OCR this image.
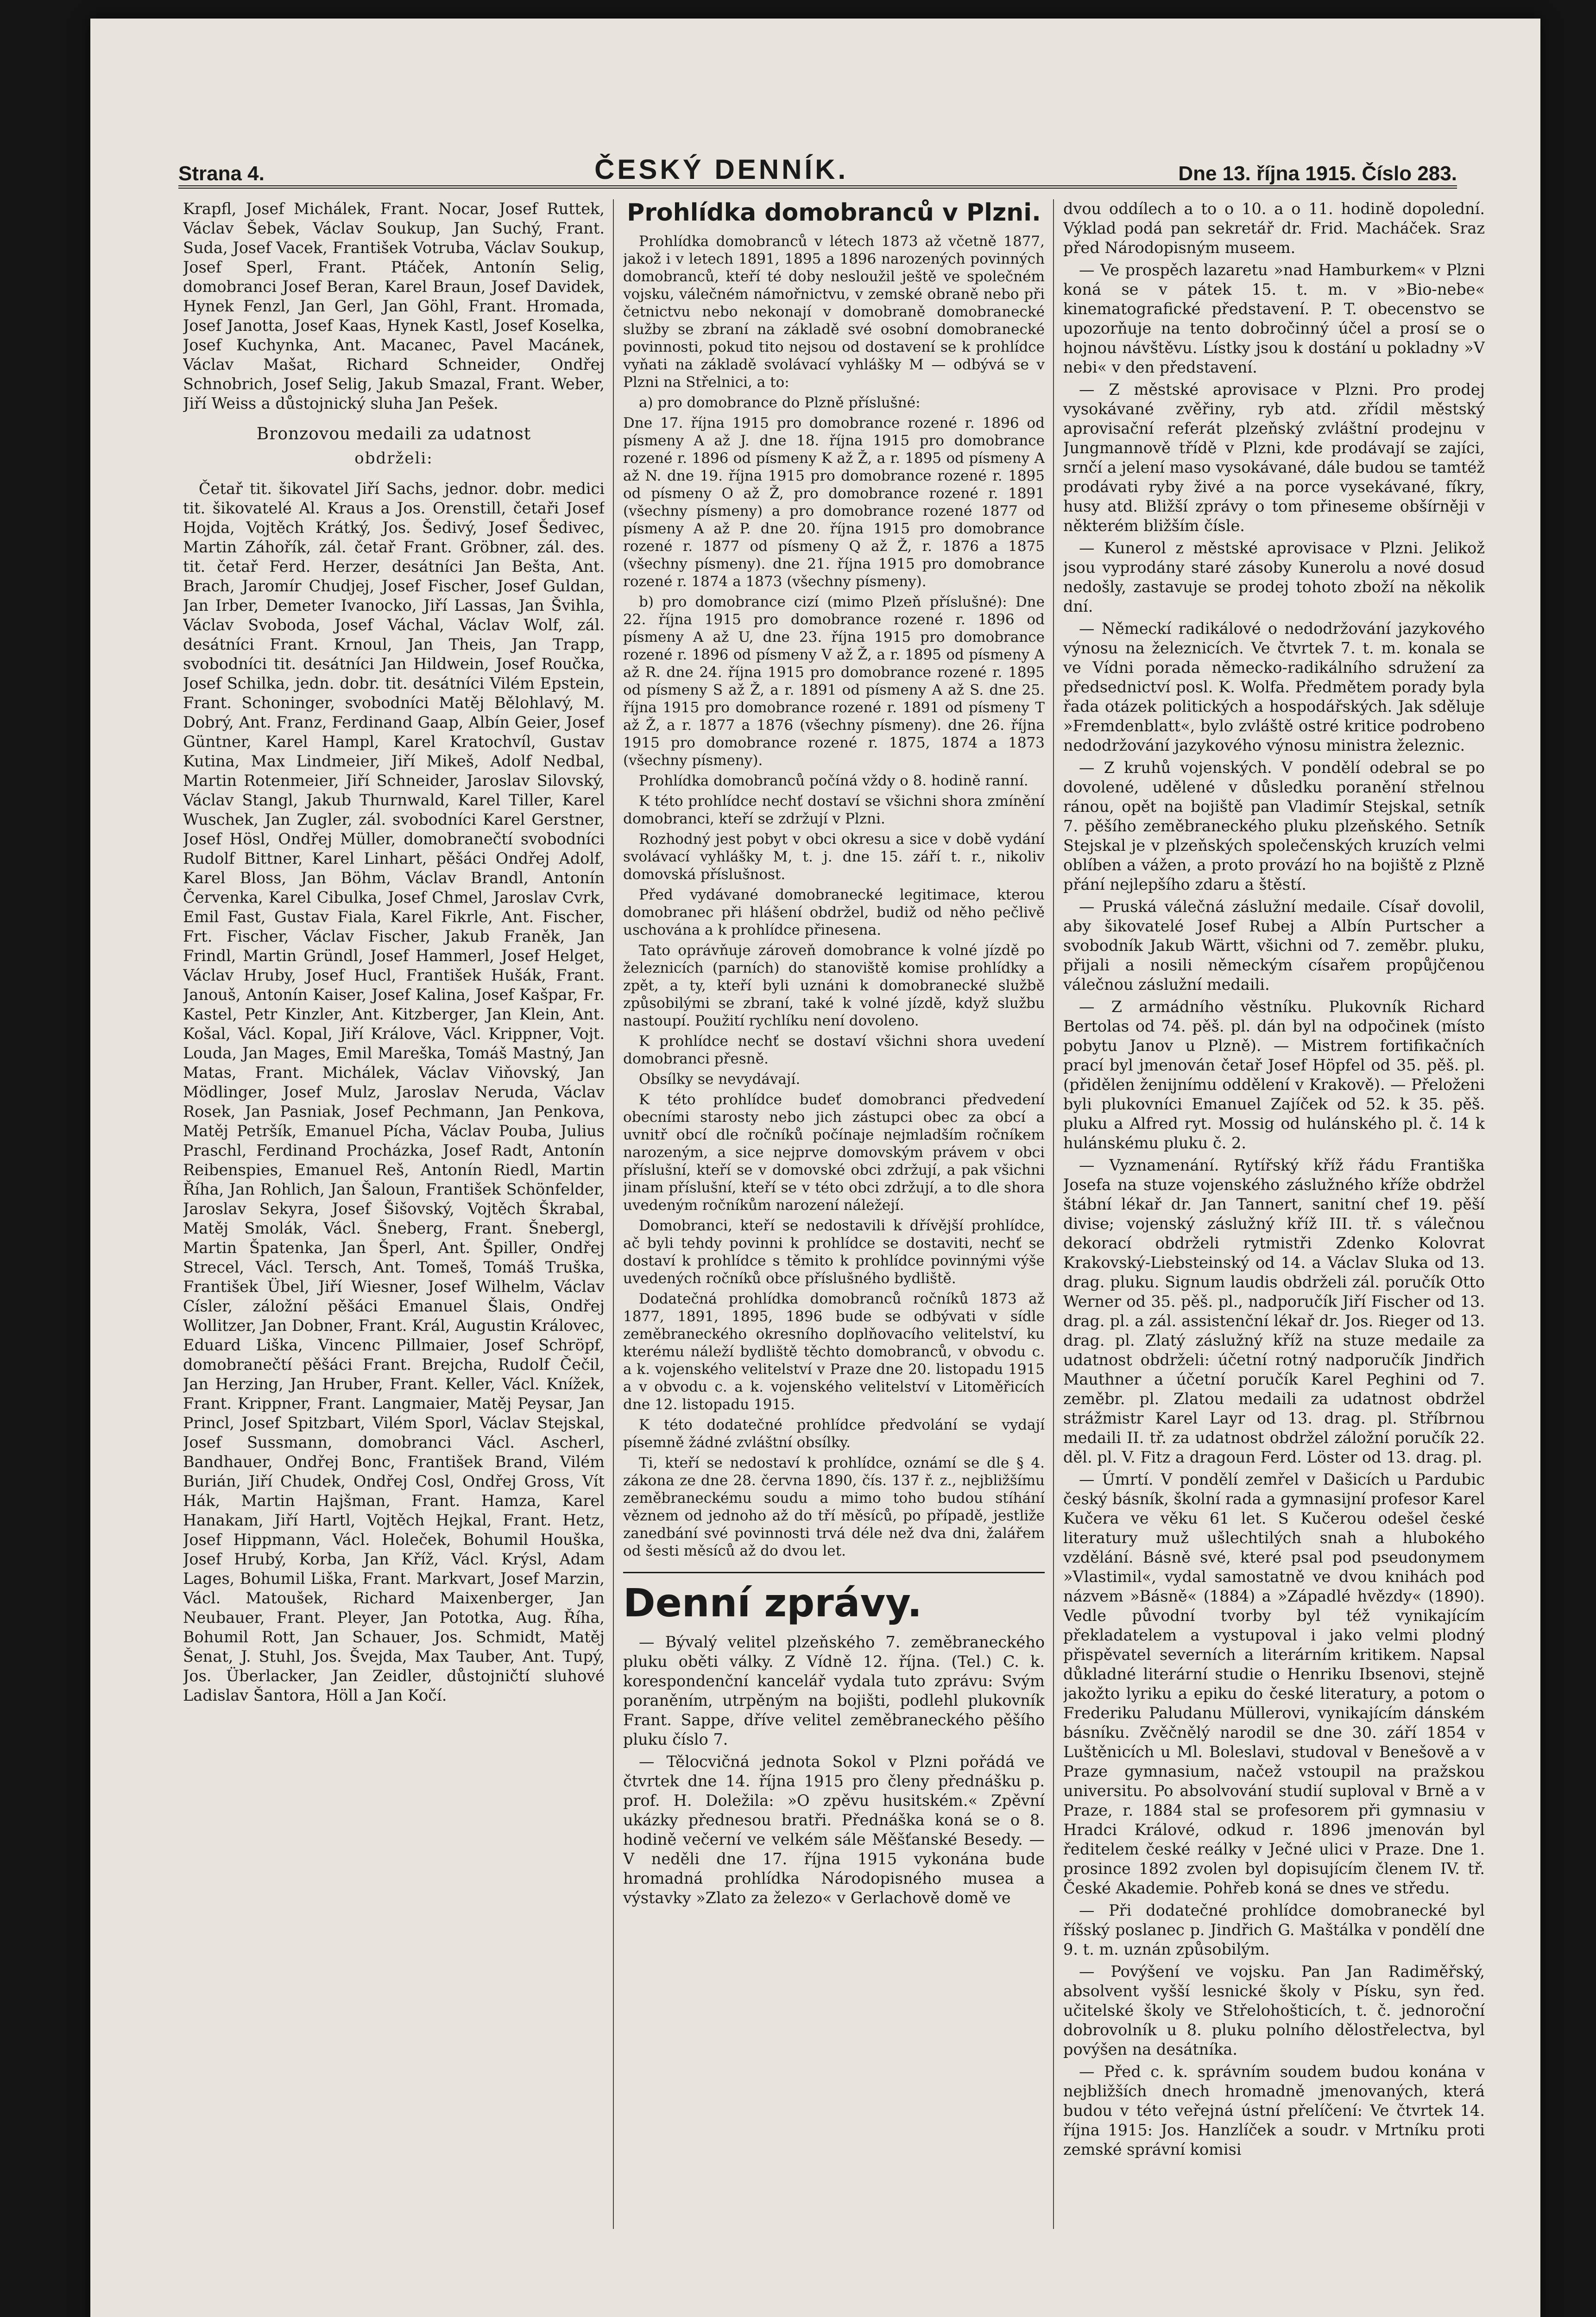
Strana 4.	ČESKÝ DENNÍK.	Dne 13. října 1915. Číslo 283.

Krapfl, Josef Michálek, Frant. Nocar, Josef Ruttek, Václav Šebek, Václav Soukup, Jan Suchý, Frant. Suda, Josef Vacek, František Votruba, Václav Soukup, Josef Sperl, Frant. Ptáček, Antonín Selig, domobranci Josef Beran, Karel Braun, Josef Davidek, Hynek Fenzl, Jan Gerl, Jan Göhl, Frant. Hromada, Josef Janotta, Josef Kaas, Hynek Kastl, Josef Koselka, Josef Kuchynka, Ant. Macanec, Pavel Macánek, Václav Mašat, Richard Schneider, Ondřej Schnobrich, Josef Selig, Jakub Smazal, Frant. Weber, Jiří Weiss a důstojnický sluha Jan Pešek.

Bronzovou medaili za udatnost
obdrželi:

Četař tit. šikovatel Jiří Sachs, jednor. dobr. medici tit. šikovatelé Al. Kraus a Jos. Orenstill, četaři Josef Hojda, Vojtěch Krátký, Jos. Šedivý, Josef Šedivec, Martin Záhořík, zál. četař Frant. Gröbner, zál. des. tit. četař Ferd. Herzer, desátníci Jan Bešta, Ant. Brach, Jaromír Chudjej, Josef Fischer, Josef Guldan, Jan Irber, Demeter Ivanocko, Jiří Lassas, Jan Švihla, Václav Svoboda, Josef Váchal, Václav Wolf, zál. desátníci Frant. Krnoul, Jan Theis, Jan Trapp, svobodníci tit. desátníci Jan Hildwein, Josef Roučka, Josef Schilka, jedn. dobr. tit. desátníci Vilém Epstein, Frant. Schoninger, svobodníci Matěj Bělohlavý, M. Dobrý, Ant. Franz, Ferdinand Gaap, Albín Geier, Josef Güntner, Karel Hampl, Karel Kratochvíl, Gustav Kutina, Max Lindmeier, Jiří Mikeš, Adolf Nedbal, Martin Rotenmeier, Jiří Schneider, Jaroslav Silovský, Václav Stangl, Jakub Thurnwald, Karel Tiller, Karel Wuschek, Jan Zugler, zál. svobodníci Karel Gerstner, Josef Hösl, Ondřej Müller, domobranečtí svobodníci Rudolf Bittner, Karel Linhart, pěšáci Ondřej Adolf, Karel Bloss, Jan Böhm, Václav Brandl, Antonín Červenka, Karel Cibulka, Josef Chmel, Jaroslav Cvrk, Emil Fast, Gustav Fiala, Karel Fikrle, Ant. Fischer, Frt. Fischer, Václav Fischer, Jakub Franěk, Jan Frindl, Martin Gründl, Josef Hammerl, Josef Helget, Václav Hruby, Josef Hucl, František Hušák, Frant. Janouš, Antonín Kaiser, Josef Kalina, Josef Kašpar, Fr. Kastel, Petr Kinzler, Ant. Kitzberger, Jan Klein, Ant. Košal, Václ. Kopal, Jiří Králove, Václ. Krippner, Vojt. Louda, Jan Mages, Emil Mareška, Tomáš Mastný, Jan Matas, Frant. Michálek, Václav Viňovský, Jan Mödlinger, Josef Mulz, Jaroslav Neruda, Václav Rosek, Jan Pasniak, Josef Pechmann, Jan Penkova, Matěj Petršík, Emanuel Pícha, Václav Pouba, Julius Praschl, Ferdinand Procházka, Josef Radt, Antonín Reibenspies, Emanuel Reš, Antonín Riedl, Martin Říha, Jan Rohlich, Jan Šaloun, František Schönfelder, Jaroslav Sekyra, Josef Šišovský, Vojtěch Škrabal, Matěj Smolák, Václ. Šneberg, Frant. Šnebergl, Martin Špatenka, Jan Šperl, Ant. Špiller, Ondřej Strecel, Václ. Tersch, Ant. Tomeš, Tomáš Truška, František Übel, Jiří Wiesner, Josef Wilhelm, Václav Císler, záložní pěšáci Emanuel Šlais, Ondřej Wollitzer, Jan Dobner, Frant. Král, Augustin Královec, Eduard Liška, Vincenc Pillmaier, Josef Schröpf, domobranečtí pěšáci Frant. Brejcha, Rudolf Čečil, Jan Herzing, Jan Hruber, Frant. Keller, Václ. Knížek, Frant. Krippner, Frant. Langmaier, Matěj Peysar, Jan Princl, Josef Spitzbart, Vilém Sporl, Václav Stejskal, Josef Sussmann, domobranci Václ. Ascherl, Bandhauer, Ondřej Bonc, František Brand, Vilém Burián, Jiří Chudek, Ondřej Cosl, Ondřej Gross, Vít Hák, Martin Hajšman, Frant. Hamza, Karel Hanakam, Jiří Hartl, Vojtěch Hejkal, Frant. Hetz, Josef Hippmann, Václ. Holeček, Bohumil Houška, Josef Hrubý, Korba, Jan Kříž, Václ. Krýsl, Adam Lages, Bohumil Liška, Frant. Markvart, Josef Marzin, Václ. Matoušek, Richard Maixenberger, Jan Neubauer, Frant. Pleyer, Jan Pototka, Aug. Říha, Bohumil Rott, Jan Schauer, Jos. Schmidt, Matěj Šenat, J. Stuhl, Jos. Švejda, Max Tauber, Ant. Tupý, Jos. Überlacker, Jan Zeidler, důstojničtí sluhové Ladislav Šantora, Höll a Jan Kočí.

Prohlídka domobranců v Plzni.

Prohlídka domobranců v létech 1873 až včetně 1877, jakož i v letech 1891, 1895 a 1896 narozených povinných domobranců, kteří té doby nesloužil ještě ve společném vojsku, válečném námořnictvu, v zemské obraně nebo při četnictvu nebo nekonají v domobraně domobranecké služby se zbraní na základě své osobní domobranecké povinnosti, pokud tito nejsou od dostavení se k prohlídce vyňati na základě svolávací vyhlášky M — odbývá se v Plzni na Střelnici, a to:

a) pro domobrance do Plzně příslušné:

Dne 17. října 1915 pro domobrance rozené r. 1896 od písmeny A až J. dne 18. října 1915 pro domobrance rozené r. 1896 od písmeny K až Ž, a r. 1895 od písmeny A až N. dne 19. října 1915 pro domobrance rozené r. 1895 od písmeny O až Ž, pro domobrance rozené r. 1891 (všechny písmeny) a pro domobrance rozené 1877 od písmeny A až P. dne 20. října 1915 pro domobrance rozené r. 1877 od písmeny Q až Ž, r. 1876 a 1875 (všechny písmeny). dne 21. října 1915 pro domobrance rozené r. 1874 a 1873 (všechny písmeny).

b) pro domobrance cizí (mimo Plzeň příslušné): Dne 22. října 1915 pro domobrance rozené r. 1896 od písmeny A až U, dne 23. října 1915 pro domobrance rozené r. 1896 od písmeny V až Ž, a r. 1895 od písmeny A až R. dne 24. října 1915 pro domobrance rozené r. 1895 od písmeny S až Ž, a r. 1891 od písmeny A až S. dne 25. října 1915 pro domobrance rozené r. 1891 od písmeny T až Ž, a r. 1877 a 1876 (všechny písmeny). dne 26. října 1915 pro domobrance rozené r. 1875, 1874 a 1873 (všechny písmeny).

Prohlídka domobranců počíná vždy o 8. hodině ranní.

K této prohlídce nechť dostaví se všichni shora zmínění domobranci, kteří se zdržují v Plzni.

Rozhodný jest pobyt v obci okresu a sice v době vydání svolávací vyhlášky M, t. j. dne 15. září t. r., nikoliv domovská příslušnost.

Před vydávané domobranecké legitimace, kterou domobranec při hlášení obdržel, budiž od něho pečlivě uschována a k prohlídce přinesena.

Tato oprávňuje zároveň domobrance k volné jízdě po železnicích (parních) do stanoviště komise prohlídky a zpět, a ty, kteří byli uznáni k domobranecké službě způsobilými se zbraní, také k volné jízdě, když službu nastoupí. Použití rychlíku není dovoleno.

K prohlídce nechť se dostaví všichni shora uvedení domobranci přesně.

Obsílky se nevydávají.

K této prohlídce budeť domobranci předvedení obecními starosty nebo jich zástupci obec za obcí a uvnitř obcí dle ročníků počínaje nejmladším ročníkem narozeným, a sice nejprve domovským právem v obci příslušní, kteří se v domovské obci zdržují, a pak všichni jinam příslušní, kteří se v této obci zdržují, a to dle shora uvedeným ročníkům narození náležejí.

Domobranci, kteří se nedostavili k dřívější prohlídce, ač byli tehdy povinni k prohlídce se dostaviti, nechť se dostaví k prohlídce s těmito k prohlídce povinnými výše uvedených ročníků obce příslušného bydliště.

Dodatečná prohlídka domobranců ročníků 1873 až 1877, 1891, 1895, 1896 bude se odbývati v sídle zeměbraneckého okresního doplňovacího velitelství, ku kterému náleží bydliště těchto domobranců, v obvodu c. a k. vojenského velitelství v Praze dne 20. listopadu 1915 a v obvodu c. a k. vojenského velitelství v Litoměřicích dne 12. listopadu 1915.

K této dodatečné prohlídce předvolání se vydají písemně žádné zvláštní obsílky.

Ti, kteří se nedostaví k prohlídce, oznámí se dle § 4. zákona ze dne 28. června 1890, čís. 137 ř. z., nejbližšímu zeměbraneckému soudu a mimo toho budou stíhání věznem od jednoho až do tří měsíců, po případě, jestliže zanedbání své povinnosti trvá déle než dva dni, žalářem od šesti měsíců až do dvou let.

Denní zprávy.

— Bývalý velitel plzeňského 7. zeměbraneckého pluku oběti války. Z Vídně 12. října. (Tel.) C. k. korespondenční kancelář vydala tuto zprávu: Svým poraněním, utrpěným na bojišti, podlehl plukovník Frant. Sappe, dříve velitel zeměbraneckého pěšího pluku číslo 7.

— Tělocvičná jednota Sokol v Plzni pořádá ve čtvrtek dne 14. října 1915 pro členy přednášku p. prof. H. Doležila: »O zpěvu husitském.« Zpěvní ukázky přednesou bratři. Přednáška koná se o 8. hodině večerní ve velkém sále Měšťanské Besedy. — V neděli dne 17. října 1915 vykonána bude hromadná prohlídka Národopisného musea a výstavky »Zlato za železo« v Gerlachově domě ve

dvou oddílech a to o 10. a o 11. hodině dopolední. Výklad podá pan sekretář dr. Frid. Macháček. Sraz před Národopisným museem.

— Ve prospěch lazaretu »nad Hamburkem« v Plzni koná se v pátek 15. t. m. v »Bio-nebe« kinematografické představení. P. T. obecenstvo se upozorňuje na tento dobročinný účel a prosí se o hojnou návštěvu. Lístky jsou k dostání u pokladny »V nebi« v den představení.

— Z městské aprovisace v Plzni. Pro prodej vysokávané zvěřiny, ryb atd. zřídil městský aprovisační referát plzeňský zvláštní prodejnu v Jungmannově třídě v Plzni, kde prodávají se zajíci, srnčí a jelení maso vysokávané, dále budou se tamtéž prodávati ryby živé a na porce vysekávané, fíkry, husy atd. Bližší zprávy o tom přineseme obšírněji v některém bližším čísle.

— Kunerol z městské aprovisace v Plzni. Jelikož jsou vyprodány staré zásoby Kunerolu a nové dosud nedošly, zastavuje se prodej tohoto zboží na několik dní.

— Německí radikálové o nedodržování jazykového výnosu na železnicích. Ve čtvrtek 7. t. m. konala se ve Vídni porada německo-radikálního sdružení za předsednictví posl. K. Wolfa. Předmětem porady byla řada otázek politických a hospodářských. Jak sděluje »Fremdenblatt«, bylo zvláště ostré kritice podrobeno nedodržování jazykového výnosu ministra železnic.

— Z kruhů vojenských. V pondělí odebral se po dovolené, udělené v důsledku poranění střelnou ránou, opět na bojiště pan Vladimír Stejskal, setník 7. pěšího zeměbraneckého pluku plzeňského. Setník Stejskal je v plzeňských společenských kruzích velmi oblíben a vážen, a proto provází ho na bojiště z Plzně přání nejlepšího zdaru a štěstí.

— Pruská válečná záslužní medaile. Císař dovolil, aby šikovatelé Josef Rubej a Albín Purtscher a svobodník Jakub Wärtt, všichni od 7. zeměbr. pluku, přijali a nosili německým císařem propůjčenou válečnou záslužní medaili.

— Z armádního věstníku. Plukovník Richard Bertolas od 74. pěš. pl. dán byl na odpočinek (místo pobytu Janov u Plzně). — Mistrem fortifikačních prací byl jmenován četař Josef Höpfel od 35. pěš. pl. (přidělen ženijnímu oddělení v Krakově). — Přeloženi byli plukovníci Emanuel Zajíček od 52. k 35. pěš. pluku a Alfred ryt. Mossig od hulánského pl. č. 14 k hulánskému pluku č. 2.

— Vyznamenání. Rytířský kříž řádu Františka Josefa na stuze vojenského záslužného kříže obdržel štábní lékař dr. Jan Tannert, sanitní chef 19. pěší divise; vojenský záslužný kříž III. tř. s válečnou dekorací obdrželi rytmistři Zdenko Kolovrat Krakovský-Liebsteinský od 14. a Václav Sluka od 13. drag. pluku. Signum laudis obdrželi zál. poručík Otto Werner od 35. pěš. pl., nadporučík Jiří Fischer od 13. drag. pl. a zál. assistenční lékař dr. Jos. Rieger od 13. drag. pl. Zlatý záslužný kříž na stuze medaile za udatnost obdrželi: účetní rotný nadporučík Jindřich Mauthner a účetní poručík Karel Peghini od 7. zeměbr. pl. Zlatou medaili za udatnost obdržel strážmistr Karel Layr od 13. drag. pl. Stříbrnou medaili II. tř. za udatnost obdržel záložní poručík 22. děl. pl. V. Fitz a dragoun Ferd. Löster od 13. drag. pl.

— Úmrtí. V pondělí zemřel v Dašicích u Pardubic český básník, školní rada a gymnasijní profesor Karel Kučera ve věku 61 let. S Kučerou odešel české literatury muž ušlechtilých snah a hlubokého vzdělání. Básně své, které psal pod pseudonymem »Vlastimil«, vydal samostatně ve dvou knihách pod názvem »Básně« (1884) a »Západlé hvězdy« (1890). Vedle původní tvorby byl též vynikajícím překladatelem a vystupoval i jako velmi plodný přispěvatel severních a literárním kritikem. Napsal důkladné literární studie o Henriku Ibsenovi, stejně jakožto lyriku a epiku do české literatury, a potom o Frederiku Paludanu Müllerovi, vynikajícím dánském básníku. Zvěčnělý narodil se dne 30. září 1854 v Luštěnicích u Ml. Boleslavi, studoval v Benešově a v Praze gymnasium, načež vstoupil na pražskou universitu. Po absolvování studií suploval v Brně a v Praze, r. 1884 stal se profesorem při gymnasiu v Hradci Králové, odkud r. 1896 jmenován byl ředitelem české reálky v Ječné ulici v Praze. Dne 1. prosince 1892 zvolen byl dopisujícím členem IV. tř. České Akademie. Pohřeb koná se dnes ve středu.

— Při dodatečné prohlídce domobranecké byl říšský poslanec p. Jindřich G. Maštálka v pondělí dne 9. t. m. uznán způsobilým.

— Povýšení ve vojsku. Pan Jan Radiměřský, absolvent vyšší lesnické školy v Písku, syn řed. učitelské školy ve Střelohošticích, t. č. jednoroční dobrovolník u 8. pluku polního dělostřelectva, byl povýšen na desátníka.

— Před c. k. správním soudem budou konána v nejbližších dnech hromadně jmenovaných, která budou v této veřejná ústní přelíčení: Ve čtvrtek 14. října 1915: Jos. Hanzlíček a soudr. v Mrtníku proti zemské správní komisi
